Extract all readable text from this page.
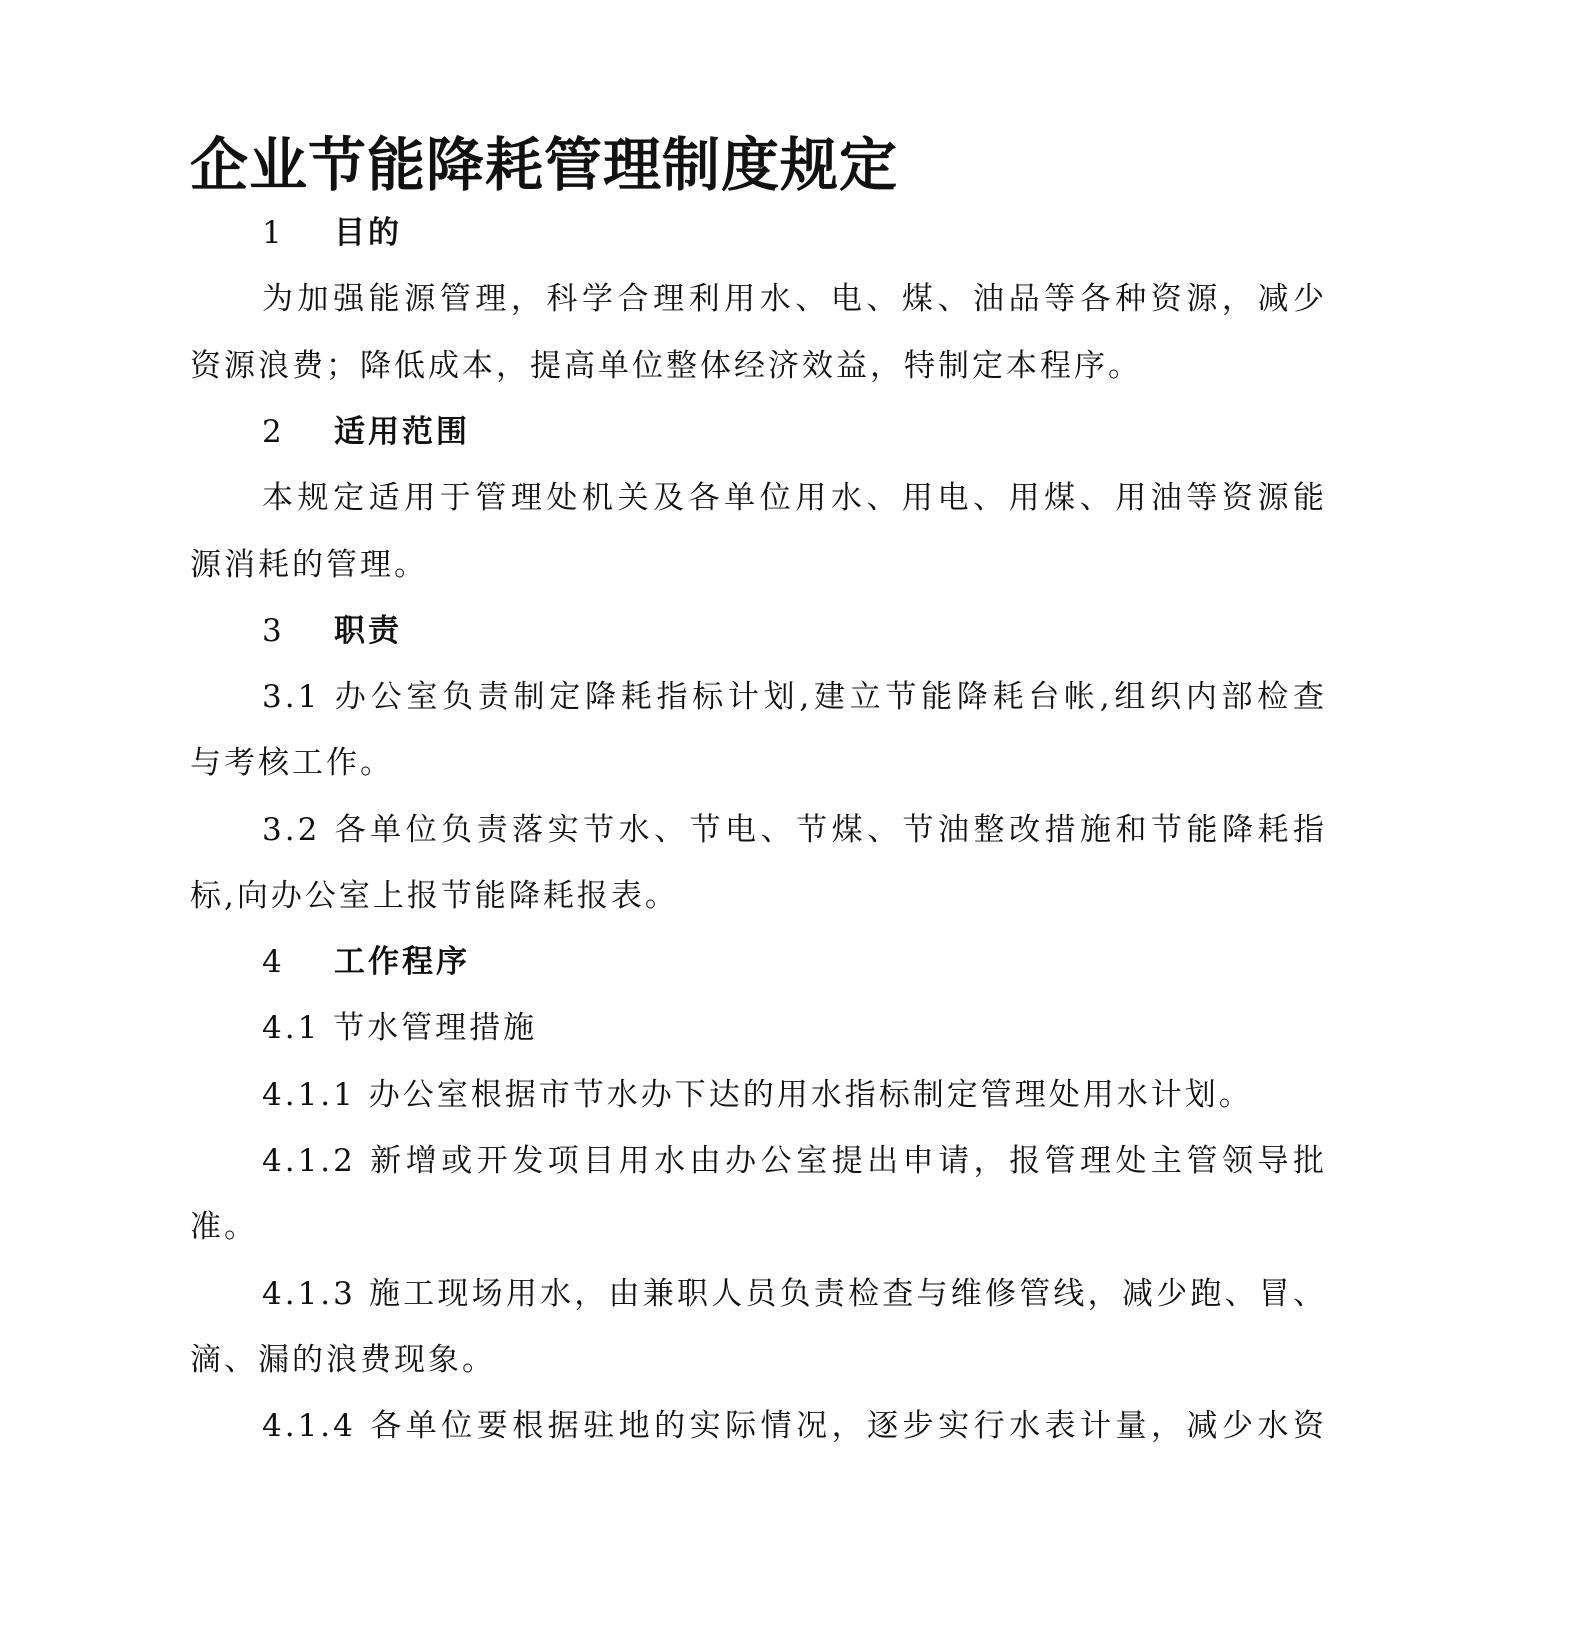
企业节能降耗管理制度规定
1 目的
为加强能源管理，科学合理利用水、电、煤、油品等各种资源，减少
资源浪费；降低成本，提高单位整体经济效益，特制定本程序。
2 适用范围
本规定适用于管理处机关及各单位用水、用电、用煤、用油等资源能
源消耗的管理。
3 职责
3.1 办公室负责制定降耗指标计划,建立节能降耗台帐,组织内部检查
与考核工作。
3.2 各单位负责落实节水、节电、节煤、节油整改措施和节能降耗指
标,向办公室上报节能降耗报表。
4 工作程序
4.1 节水管理措施
4.1.1 办公室根据市节水办下达的用水指标制定管理处用水计划。
4.1.2 新增或开发项目用水由办公室提出申请，报管理处主管领导批
准。
4.1.3 施工现场用水，由兼职人员负责检查与维修管线，减少跑、冒、
滴、漏的浪费现象。
4.1.4 各单位要根据驻地的实际情况，逐步实行水表计量，减少水资
